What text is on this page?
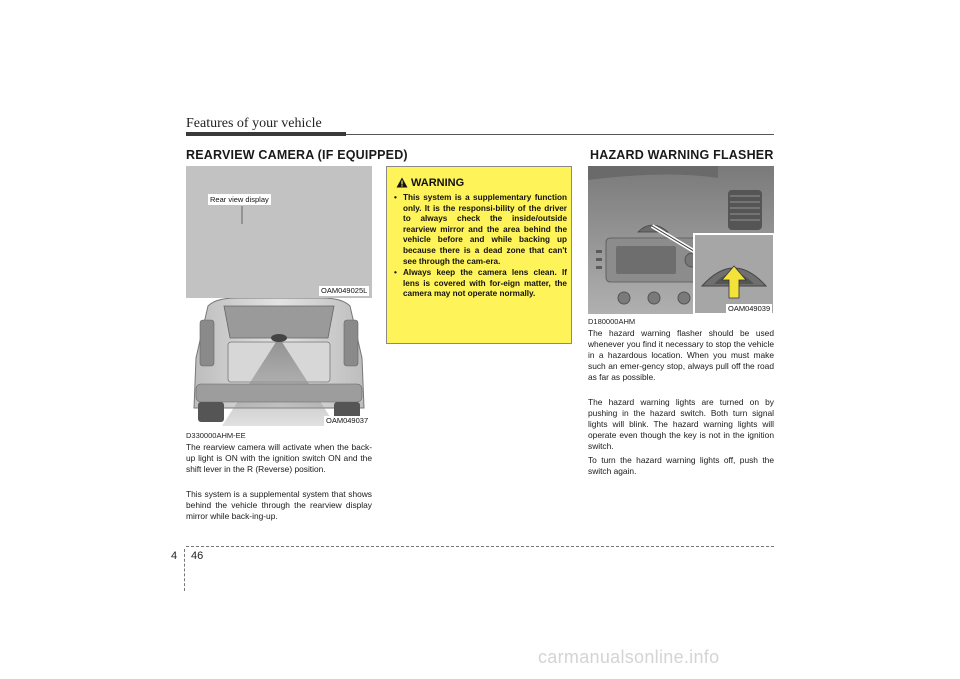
Features of your vehicle
REARVIEW CAMERA (IF EQUIPPED)
Rear view display
OAM049025L
OAM049037
D330000AHM-EE
The rearview camera will activate when the back-up light is ON with the ignition switch ON and the shift lever in the R (Reverse) position.
This system is a supplemental system that shows behind the vehicle through the rearview display mirror while back-ing-up.
WARNING
• This system is a supplementary function only. It is the responsi-bility of the driver to always check the inside/outside rearview mirror and the area behind the vehicle before and while backing up because there is a dead zone that can't see through the cam-era.
• Always keep the camera lens clean. If lens is covered with for-eign matter, the camera may not operate normally.
HAZARD WARNING FLASHER
OAM049039
D180000AHM
The hazard warning flasher should be used whenever you find it necessary to stop the vehicle in a hazardous location. When you must make such an emer-gency stop, always pull off the road as far as possible.
The hazard warning lights are turned on by pushing in the hazard switch. Both turn signal lights will blink. The hazard warning lights will operate even though the key is not in the ignition switch.
To turn the hazard warning lights off, push the switch again.
4 46
carmanualsonline.info
